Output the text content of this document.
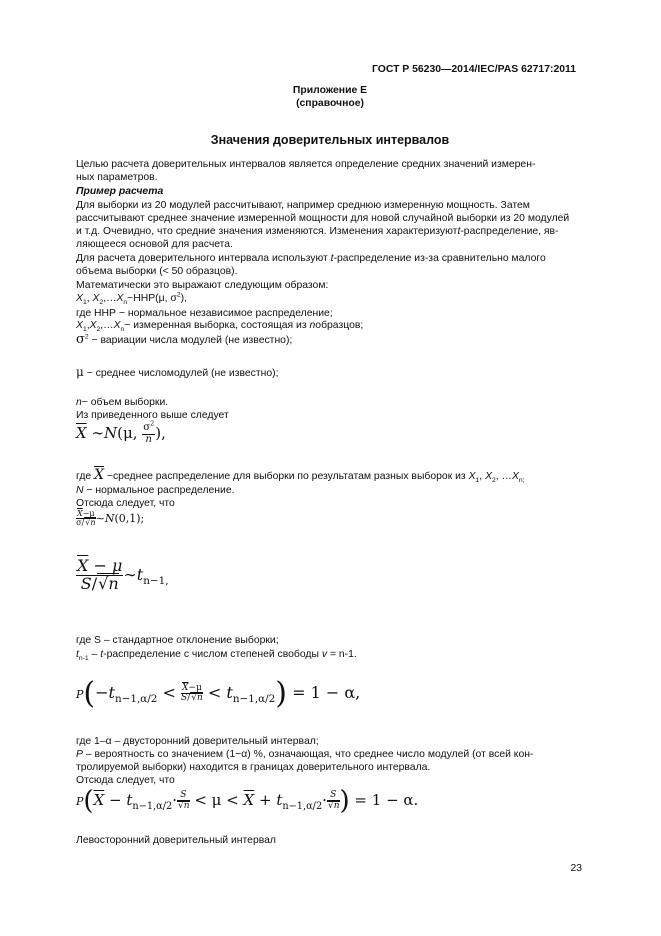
ГОСТ Р 56230—2014/IEC/PAS 62717:2011
Приложение Е
(справочное)
Значения доверительных интервалов
Целью расчета доверительных интервалов является определение средних значений измерен-
ных параметров.
Пример расчета
Для выборки из 20 модулей рассчитывают, например среднюю измеренную мощность. Затем
рассчитывают среднее значение измеренной мощности для новой случайной выборки из 20 модулей
и т.д. Очевидно, что средние значения изменяются. Изменения характеризуютt-распределение, яв-
ляющееся основой для расчета.
Для расчета доверительного интервала используют t-распределение из-за сравнительно малого
объема выборки (< 50 образцов).
Математически это выражают следующим образом:
$X_1$, $X_2,\dots X_n\sim ННР(\mu$, $\sigma^2$),
где ННР − нормальное независимое распределение;
$X_1,X_2,\dots X_n-$ измеренная выборка, состоящая из nобразцов;
$\sigma^2$ − вариации числа модулей (не известно);
μ − среднее числомодулей (не известно);
n− объем выборки.
Из приведенного выше следует
$\overline{X}$ ∼N(μ, $\frac{\sigma^2}{n}$ ),
где $\overline{X}$ −среднее распределение для выборки по результатам разных выборок из $X_1$, $X_2$, $\dots X_{n;}$
N − нормальное распределение.
Отсюда следует, что
$\frac{\overline{X}-\mu}{\sigma/√n}$ ∼N(0,1);
$\frac{\overline{X} - \mu}{S/√n}$ $\sim t_{n-1,}$
где S – стандартное отклонение выборки;
$t_{n-1}$ – t-распределение с числом степеней свободы v = n-1.
$P(-t_{n-1,\alpha/2} < \frac{\overline{X}-\mu}{S/√n} < t_{n-1,\alpha/2}) = 1 - \alpha$,
где 1–α – двусторонний доверительный интервал;
P – вероятность со значением (1−α) %, означающая, что среднее число модулей (от всей кон-
тролируемой выборки) находится в границах доверительного интервала.
Отсюда следует, что
$P(\overline{X} - t_{n-1,\alpha/2}\cdot \frac{S}{√n} < \mu < \overline{X} + t_{n-1,\alpha/2}\cdot \frac{S}{√n}$ ) = 1 − α.
Левосторонний доверительный интервал
23
